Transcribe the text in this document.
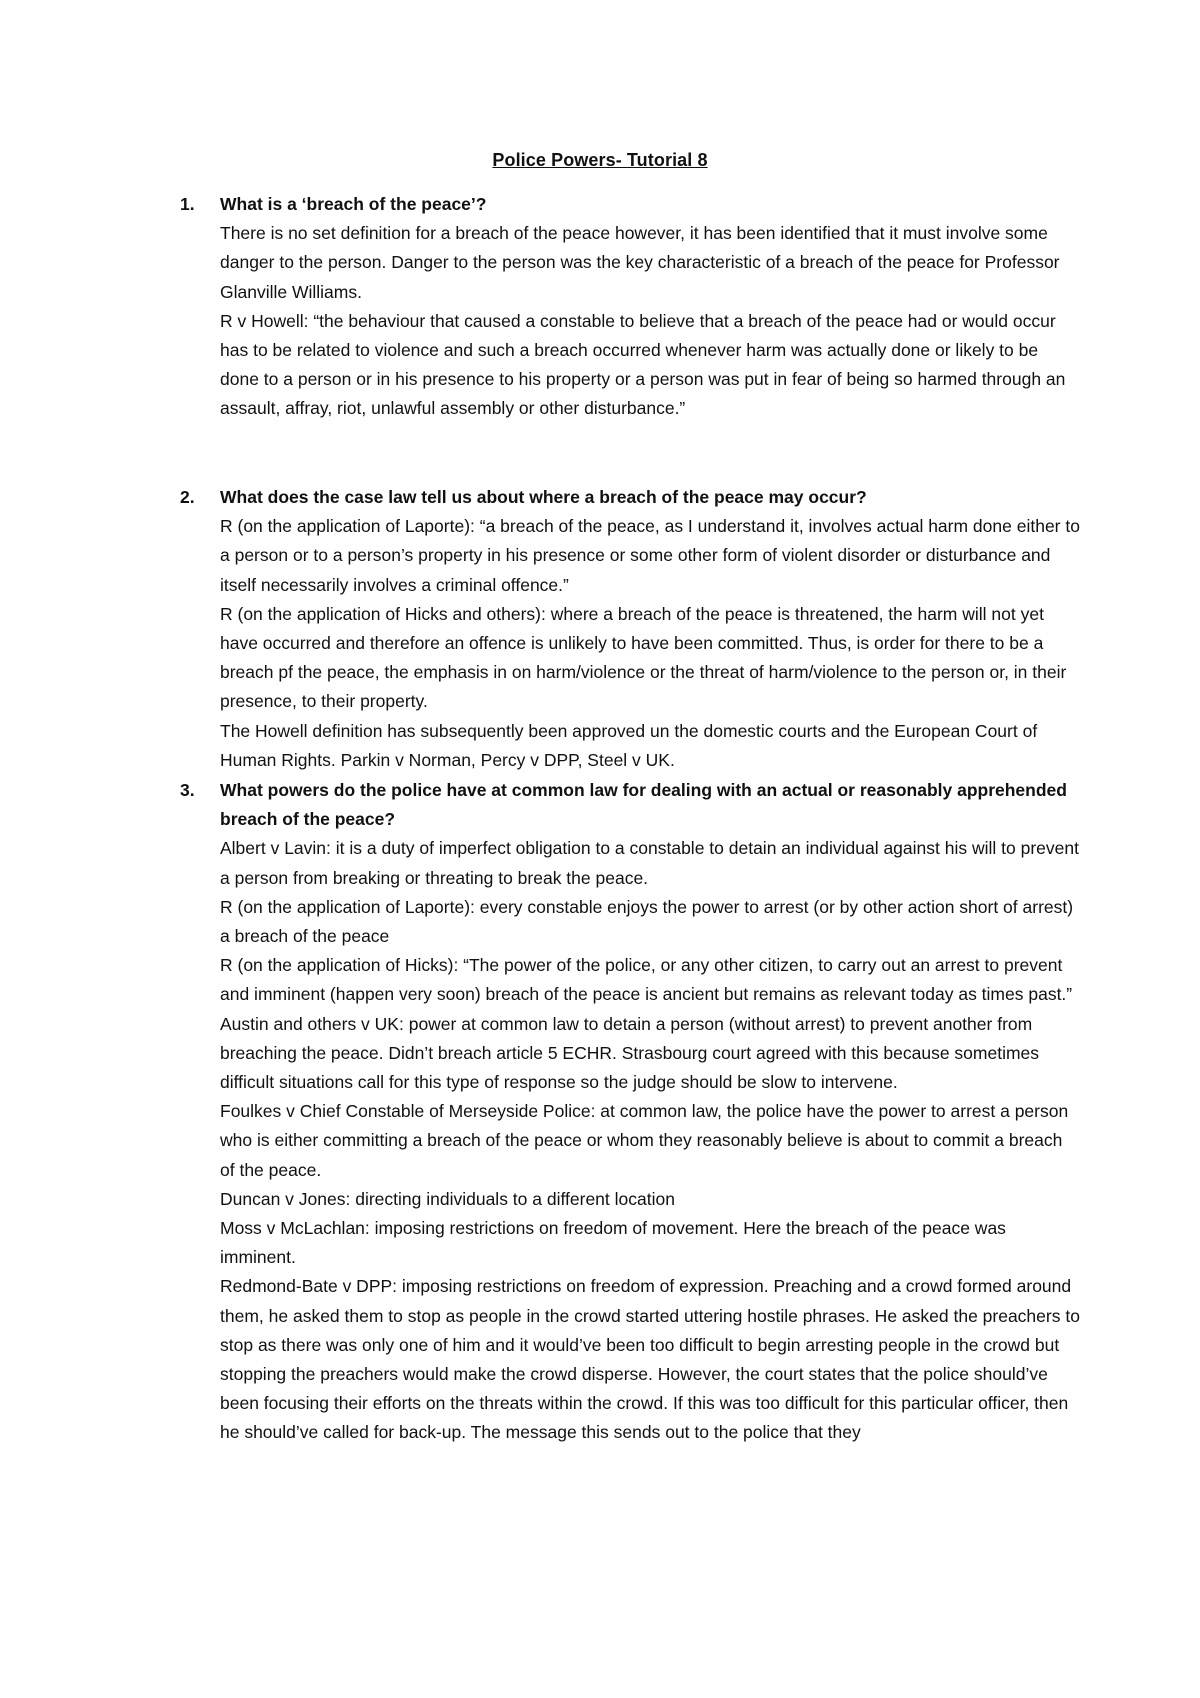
Police Powers- Tutorial 8
1.	What is a ‘breach of the peace’?

There is no set definition for a breach of the peace however, it has been identified that it must involve some danger to the person. Danger to the person was the key characteristic of a breach of the peace for Professor Glanville Williams.

R v Howell: “the behaviour that caused a constable to believe that a breach of the peace had or would occur has to be related to violence and such a breach occurred whenever harm was actually done or likely to be done to a person or in his presence to his property or a person was put in fear of being so harmed through an assault, affray, riot, unlawful assembly or other disturbance.”

2.	What does the case law tell us about where a breach of the peace may occur?

R (on the application of Laporte): “a breach of the peace, as I understand it, involves actual harm done either to a person or to a person’s property in his presence or some other form of violent disorder or disturbance and itself necessarily involves a criminal offence.”

R (on the application of Hicks and others): where a breach of the peace is threatened, the harm will not yet have occurred and therefore an offence is unlikely to have been committed. Thus, is order for there to be a breach pf the peace, the emphasis in on harm/violence or the threat of harm/violence to the person or, in their presence, to their property.

The Howell definition has subsequently been approved un the domestic courts and the European Court of Human Rights. Parkin v Norman, Percy v DPP, Steel v UK.

3.	What powers do the police have at common law for dealing with an actual or reasonably apprehended breach of the peace?

Albert v Lavin: it is a duty of imperfect obligation to a constable to detain an individual against his will to prevent a person from breaking or threating to break the peace.

R (on the application of Laporte): every constable enjoys the power to arrest (or by other action short of arrest) a breach of the peace

R (on the application of Hicks): “The power of the police, or any other citizen, to carry out an arrest to prevent and imminent (happen very soon) breach of the peace is ancient but remains as relevant today as times past.”

Austin and others v UK: power at common law to detain a person (without arrest) to prevent another from breaching the peace. Didn’t breach article 5 ECHR. Strasbourg court agreed with this because sometimes difficult situations call for this type of response so the judge should be slow to intervene.

Foulkes v Chief Constable of Merseyside Police: at common law, the police have the power to arrest a person who is either committing a breach of the peace or whom they reasonably believe is about to commit a breach of the peace.

Duncan v Jones: directing individuals to a different location

Moss v McLachlan: imposing restrictions on freedom of movement. Here the breach of the peace was imminent.

Redmond-Bate v DPP: imposing restrictions on freedom of expression. Preaching and a crowd formed around them, he asked them to stop as people in the crowd started uttering hostile phrases. He asked the preachers to stop as there was only one of him and it would’ve been too difficult to begin arresting people in the crowd but stopping the preachers would make the crowd disperse. However, the court states that the police should’ve been focusing their efforts on the threats within the crowd. If this was too difficult for this particular officer, then he should’ve called for back-up. The message this sends out to the police that they
